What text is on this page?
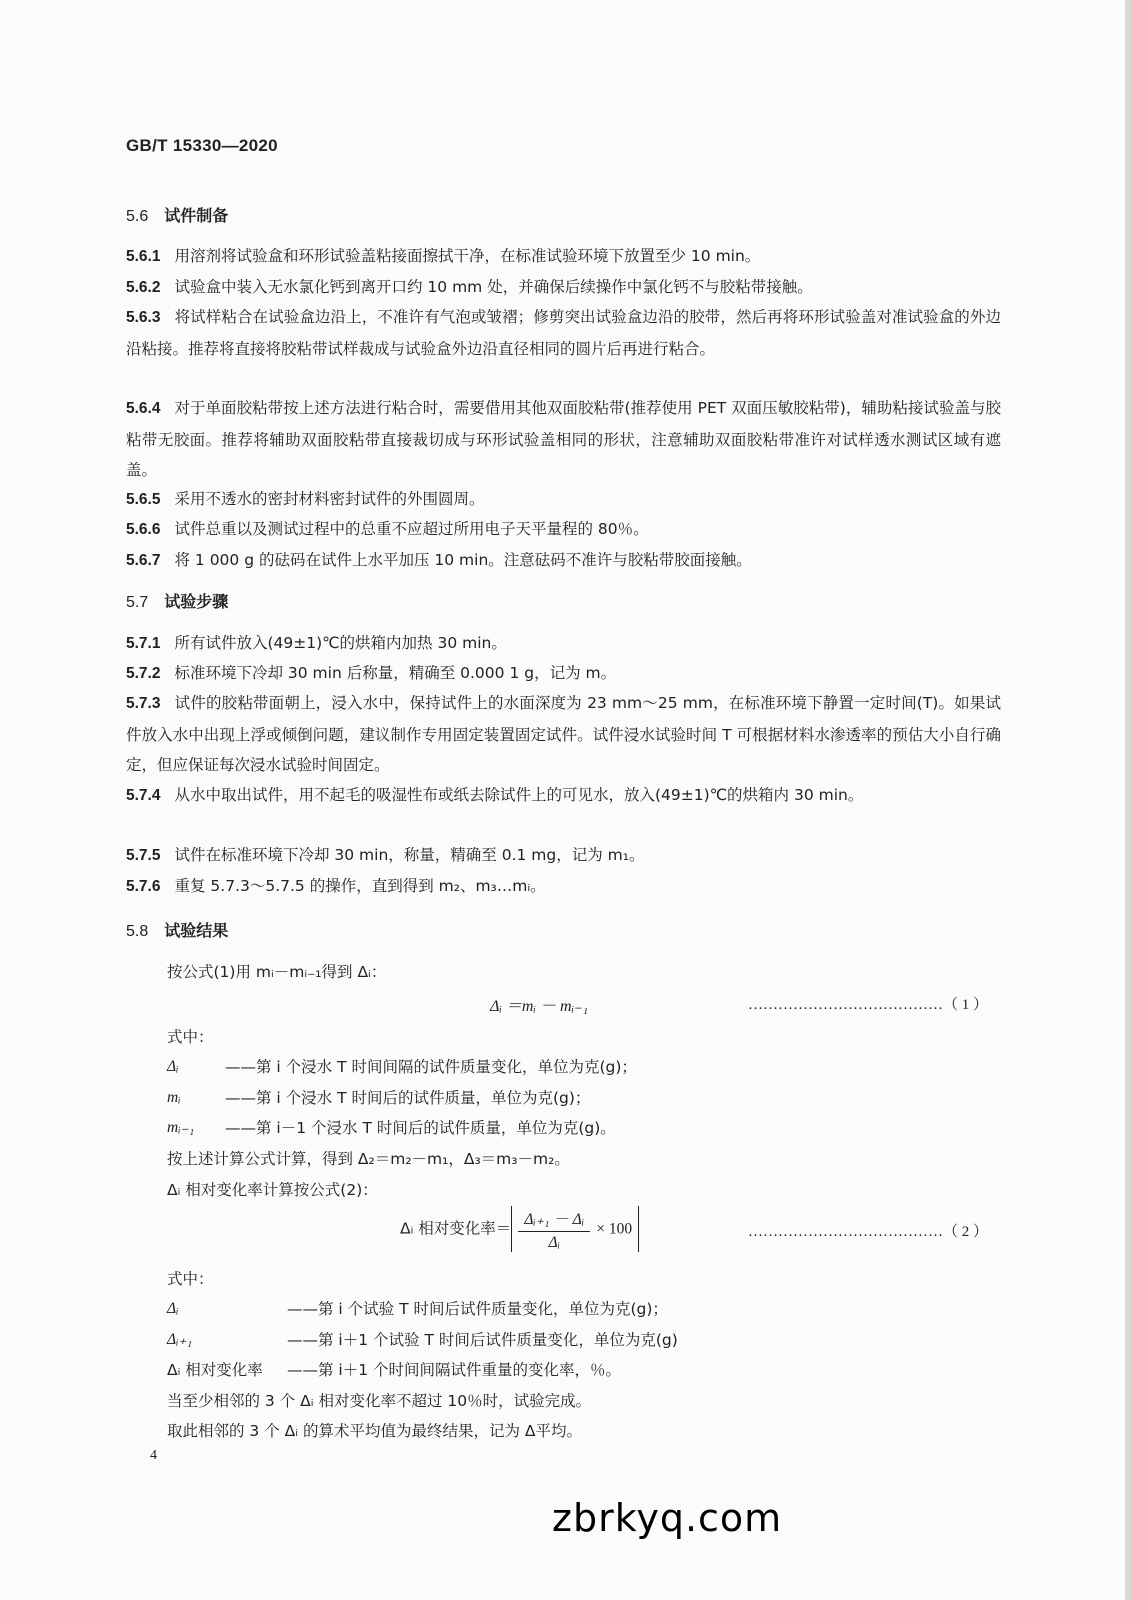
GB/T 15330—2020
5.6 试件制备
5.6.1 用溶剂将试验盒和环形试验盖粘接面擦拭干净，在标准试验环境下放置至少 10 min。
5.6.2 试验盒中装入无水氯化钙到离开口约 10 mm 处，并确保后续操作中氯化钙不与胶粘带接触。
5.6.3 将试样粘合在试验盒边沿上，不准许有气泡或皱褶；修剪突出试验盒边沿的胶带，然后再将环形试验盖对准试验盒的外边沿粘接。推荐将直接将胶粘带试样裁成与试验盒外边沿直径相同的圆片后再进行粘合。
5.6.4 对于单面胶粘带按上述方法进行粘合时，需要借用其他双面胶粘带(推荐使用 PET 双面压敏胶粘带)，辅助粘接试验盖与胶粘带无胶面。推荐将辅助双面胶粘带直接裁切成与环形试验盖相同的形状，注意辅助双面胶粘带准许对试样透水测试区域有遮盖。
5.6.5 采用不透水的密封材料密封试件的外围圆周。
5.6.6 试件总重以及测试过程中的总重不应超过所用电子天平量程的 80％。
5.6.7 将 1 000 g 的砝码在试件上水平加压 10 min。注意砝码不准许与胶粘带胶面接触。
5.7 试验步骤
5.7.1 所有试件放入(49±1)℃的烘箱内加热 30 min。
5.7.2 标准环境下冷却 30 min 后称量，精确至 0.000 1 g，记为 m。
5.7.3 试件的胶粘带面朝上，浸入水中，保持试件上的水面深度为 23 mm～25 mm，在标准环境下静置一定时间(T)。如果试件放入水中出现上浮或倾倒问题，建议制作专用固定装置固定试件。试件浸水试验时间 T 可根据材料水渗透率的预估大小自行确定，但应保证每次浸水试验时间固定。
5.7.4 从水中取出试件，用不起毛的吸湿性布或纸去除试件上的可见水，放入(49±1)℃的烘箱内 30 min。
5.7.5 试件在标准环境下冷却 30 min，称量，精确至 0.1 mg，记为 m₁。
5.7.6 重复 5.7.3～5.7.5 的操作，直到得到 m₂、m₃…mᵢ。
5.8 试验结果
按公式(1)用 mᵢ－mᵢ₋₁得到 Δᵢ：
Δᵢ ＝mᵢ － mᵢ₋₁	…………………………………（ 1 ）
式中：
Δᵢ	——第 i 个浸水 T 时间间隔的试件质量变化，单位为克(g)；
mᵢ	——第 i 个浸水 T 时间后的试件质量，单位为克(g)；
mᵢ₋₁ ——第 i－1 个浸水 T 时间后的试件质量，单位为克(g)。
按上述计算公式计算，得到 Δ₂＝m₂－m₁，Δ₃＝m₃－m₂。
Δᵢ 相对变化率计算按公式(2)：
Δᵢ 相对变化率＝ $\frac{\text{Δᵢ₊₁ － Δᵢ}}{\text{Δᵢ}} \times 100$	…………………………………（ 2 ）
式中：
Δᵢ	——第 i 个试验 T 时间后试件质量变化，单位为克(g)；
Δᵢ₊₁	——第 i＋1 个试验 T 时间后试件质量变化，单位为克(g)
Δᵢ 相对变化率 ——第 i＋1 个时间间隔试件重量的变化率，％。
当至少相邻的 3 个 Δᵢ 相对变化率不超过 10％时，试验完成。
取此相邻的 3 个 Δᵢ 的算术平均值为最终结果，记为 Δ平均。
4
zbrkyq.com
